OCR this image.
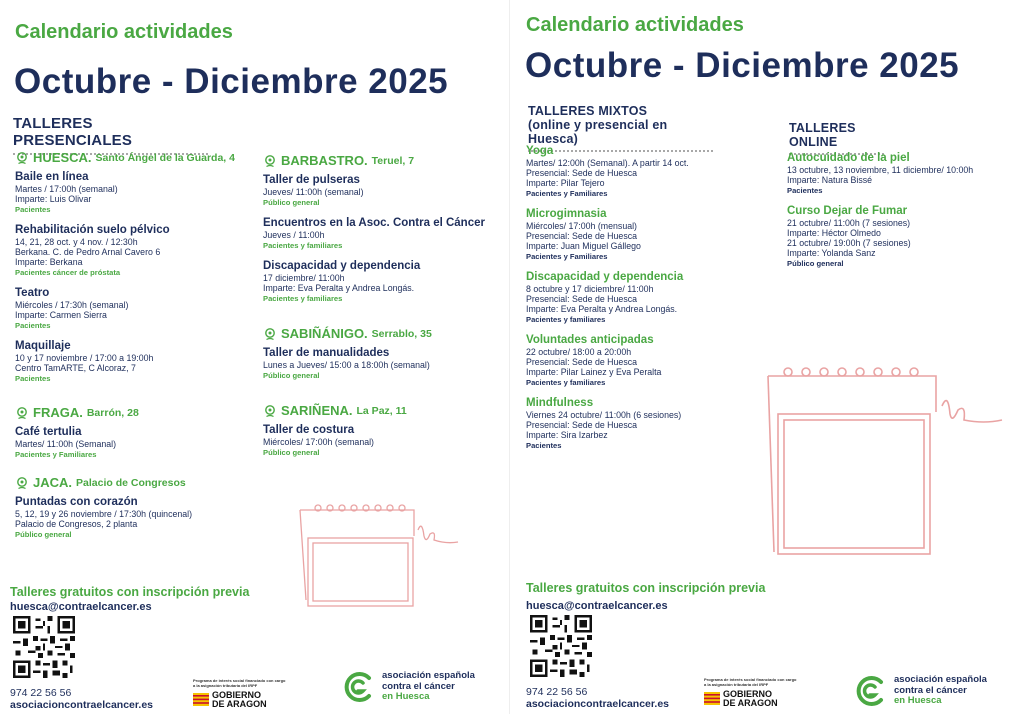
Calendario actividades
Octubre - Diciembre 2025
TALLERES PRESENCIALES
HUESCA. Santo Ángel de la Guarda, 4
Baile en línea
Martes / 17:00h (semanal)
Imparte: Luis Olivar
Pacientes
Rehabilitación suelo pélvico
14, 21, 28 oct. y 4 nov. / 12:30h
Berkana. C. de Pedro Arnal Cavero 6
Imparte: Berkana
Pacientes cáncer de próstata
Teatro
Miércoles / 17:30h (semanal)
Imparte: Carmen Sierra
Pacientes
Maquillaje
10 y 17 noviembre / 17:00 a 19:00h
Centro TamARTE, C Alcoraz, 7
Pacientes
FRAGA. Barrón, 28
Café tertulia
Martes/ 11:00h (Semanal)
Pacientes y Familiares
JACA. Palacio de Congresos
Puntadas con corazón
5, 12, 19 y 26 noviembre / 17:30h (quincenal)
Palacio de Congresos, 2 planta
Público general
BARBASTRO. Teruel, 7
Taller de pulseras
Jueves/ 11:00h (semanal)
Público general
Encuentros en la Asoc. Contra el Cáncer
Jueves / 11:00h
Pacientes y familiares
Discapacidad y dependencia
17 diciembre/ 11:00h
Imparte: Eva Peralta y Andrea Longás.
Pacientes y familiares
SABIÑÁNIGO. Serrablo, 35
Taller de manualidades
Lunes a Jueves/ 15:00 a 18:00h (semanal)
Público general
SARIÑENA. La Paz, 11
Taller de costura
Miércoles/ 17:00h (semanal)
Público general
Talleres gratuitos con inscripción previa
huesca@contraelcancer.es
974 22 56 56
asociacioncontraelcancer.es
Programa de interés social financiado con cargo a la asignación tributaria del IRPF
GOBIERNO
DE ARAGON
asociación española
contra el cáncer
en Huesca
Calendario actividades
Octubre - Diciembre 2025
TALLERES MIXTOS
(online y presencial en Huesca)
TALLERES ONLINE
Yoga
Martes/ 12:00h (Semanal). A partir 14 oct.
Presencial: Sede de Huesca
Imparte: Pilar Tejero
Pacientes y Familiares
Microgimnasia
Miércoles/ 17:00h (mensual)
Presencial: Sede de Huesca
Imparte: Juan Miguel Gállego
Pacientes y Familiares
Discapacidad y dependencia
8 octubre y 17 diciembre/ 11:00h
Presencial: Sede de Huesca
Imparte: Eva Peralta y Andrea Longás.
Pacientes y familiares
Voluntades anticipadas
22 octubre/ 18:00 a 20:00h
Presencial: Sede de Huesca
Imparte: Pilar Lainez y Eva Peralta
Pacientes y familiares
Mindfulness
Viernes 24 octubre/ 11:00h (6 sesiones)
Presencial: Sede de Huesca
Imparte: Sira Izarbez
Pacientes
Autocuidado de la piel
13 octubre, 13 noviembre, 11 diciembre/ 10:00h
Imparte: Natura Bissé
Pacientes
Curso Dejar de Fumar
21 octubre/ 11:00h (7 sesiones)
Imparte: Héctor Olmedo
21 octubre/ 19:00h (7 sesiones)
Imparte: Yolanda Sanz
Público general
Talleres gratuitos con inscripción previa
huesca@contraelcancer.es
974 22 56 56
asociacioncontraelcancer.es
Programa de interés social financiado con cargo a la asignación tributaria del IRPF
GOBIERNO
DE ARAGON
asociación española
contra el cáncer
en Huesca
